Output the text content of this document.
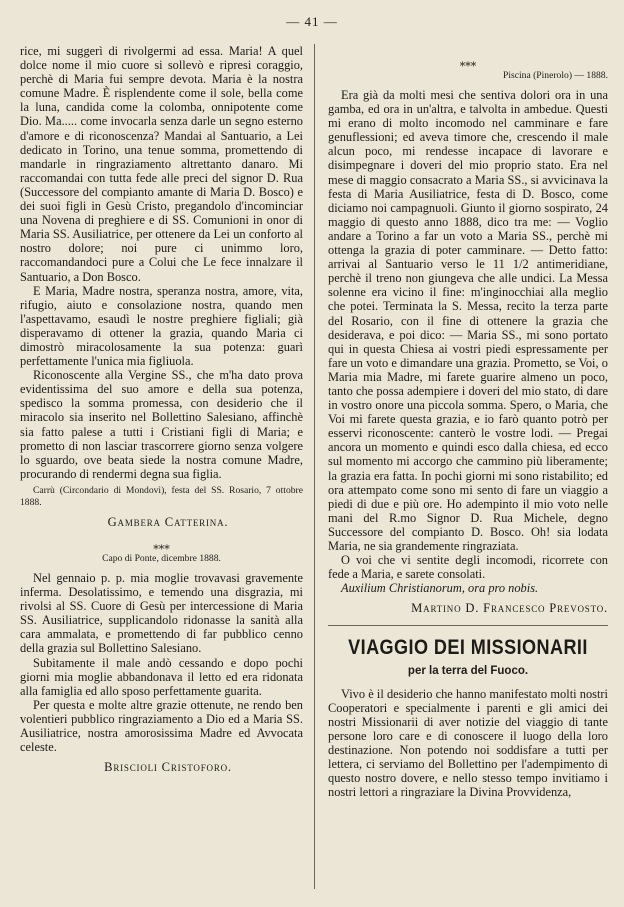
— 41 —

rice, mi suggerì di rivolgermi ad essa. Maria! A quel dolce nome il mio cuore si sollevò e ripresi coraggio, perchè di Maria fui sempre devota. Maria è la nostra comune Madre. È risplendente come il sole, bella come la luna, candida come la colomba, onnipotente come Dio. Ma..... come invocarla senza darle un segno esterno d'amore e di riconoscenza? Mandai al Santuario, a Lei dedicato in Torino, una tenue somma, promettendo di mandarle in ringraziamento altrettanto danaro. Mi raccomandai con tutta fede alle preci del signor D. Rua (Successore del compianto amante di Maria D. Bosco) e dei suoi figli in Gesù Cristo, pregandolo d'incominciar una Novena di preghiere e di SS. Comunioni in onor di Maria SS. Ausiliatrice, per ottenere da Lei un conforto al nostro dolore; noi pure ci unimmo loro, raccomandandoci pure a Colui che Le fece innalzare il Santuario, a Don Bosco.

E Maria, Madre nostra, speranza nostra, amore, vita, rifugio, aiuto e consolazione nostra, quando men l'aspettavamo, esaudì le nostre preghiere figliali; già disperavamo di ottener la grazia, quando Maria ci dimostrò miracolosamente la sua potenza: guarì perfettamente l'unica mia figliuola.

Riconoscente alla Vergine SS., che m'ha dato prova evidentissima del suo amore e della sua potenza, spedisco la somma promessa, con desiderio che il miracolo sia inserito nel Bollettino Salesiano, affinchè sia fatto palese a tutti i Cristiani figli di Maria; e prometto di non lasciar trascorrere giorno senza volgere lo sguardo, ove beata siede la nostra comune Madre, procurando di rendermi degna sua figlia.

Carrù (Circondario di Mondovì), festa del SS. Rosario, 7 ottobre 1888.

Gambera Catterina.

⁎⁎⁎

Capo di Ponte, dicembre 1888.

Nel gennaio p. p. mia moglie trovavasi gravemente inferma. Desolatissimo, e temendo una disgrazia, mi rivolsi al SS. Cuore di Gesù per intercessione di Maria SS. Ausiliatrice, supplicandolo ridonasse la sanità alla cara ammalata, e promettendo di far pubblico cenno della grazia sul Bollettino Salesiano.

Subitamente il male andò cessando e dopo pochi giorni mia moglie abbandonava il letto ed era ridonata alla famiglia ed allo sposo perfettamente guarita.

Per questa e molte altre grazie ottenute, ne rendo ben volentieri pubblico ringraziamento a Dio ed a Maria SS. Ausiliatrice, nostra amorosissima Madre ed Avvocata celeste.

Briscioli Cristoforo.

⁎⁎⁎

Piscina (Pinerolo) — 1888.

Era già da molti mesi che sentiva dolori ora in una gamba, ed ora in un'altra, e talvolta in ambedue. Questi mi erano di molto incomodo nel camminare e fare genuflessioni; ed aveva timore che, crescendo il male alcun poco, mi rendesse incapace di lavorare e disimpegnare i doveri del mio proprio stato. Era nel mese di maggio consacrato a Maria SS., si avvicinava la festa di Maria Ausiliatrice, festa di D. Bosco, come diciamo noi campagnuoli. Giunto il giorno sospirato, 24 maggio di questo anno 1888, dico tra me: — Voglio andare a Torino a far un voto a Maria SS., perchè mi ottenga la grazia di poter camminare. — Detto fatto: arrivai al Santuario verso le 11 1/2 antimeridiane, perchè il treno non giungeva che alle undici. La Messa solenne era vicino il fine: m'inginocchiai alla meglio che potei. Terminata la S. Messa, recito la terza parte del Rosario, con il fine di ottenere la grazia che desiderava, e poi dico: — Maria SS., mi sono portato qui in questa Chiesa ai vostri piedi espressamente per fare un voto e dimandare una grazia. Prometto, se Voi, o Maria mia Madre, mi farete guarire almeno un poco, tanto che possa adempiere i doveri del mio stato, di dare in vostro onore una piccola somma. Spero, o Maria, che Voi mi farete questa grazia, e io farò quanto potrò per esservi riconoscente: canterò le vostre lodi. — Pregai ancora un momento e quindi esco dalla chiesa, ed ecco sul momento mi accorgo che cammino più liberamente; la grazia era fatta. In pochi giorni mi sono ristabilito; ed ora attempato come sono mi sento di fare un viaggio a piedi di due e più ore. Ho adempinto il mio voto nelle mani del R.mo Signor D. Rua Michele, degno Successore del compianto D. Bosco. Oh! sia lodata Maria, ne sia grandemente ringraziata.

O voi che vi sentite degli incomodi, ricorrete con fede a Maria, e sarete consolati.

Auxilium Christianorum, ora pro nobis.

Martino D. Francesco Prevosto.

VIAGGIO DEI MISSIONARII
per la terra del Fuoco.

Vivo è il desiderio che hanno manifestato molti nostri Cooperatori e specialmente i parenti e gli amici dei nostri Missionarii di aver notizie del viaggio di tante persone loro care e di conoscere il luogo della loro destinazione. Non potendo noi soddisfare a tutti per lettera, ci serviamo del Bollettino per l'adempimento di questo nostro dovere, e nello stesso tempo invitiamo i nostri lettori a ringraziare la Divina Provvidenza,
